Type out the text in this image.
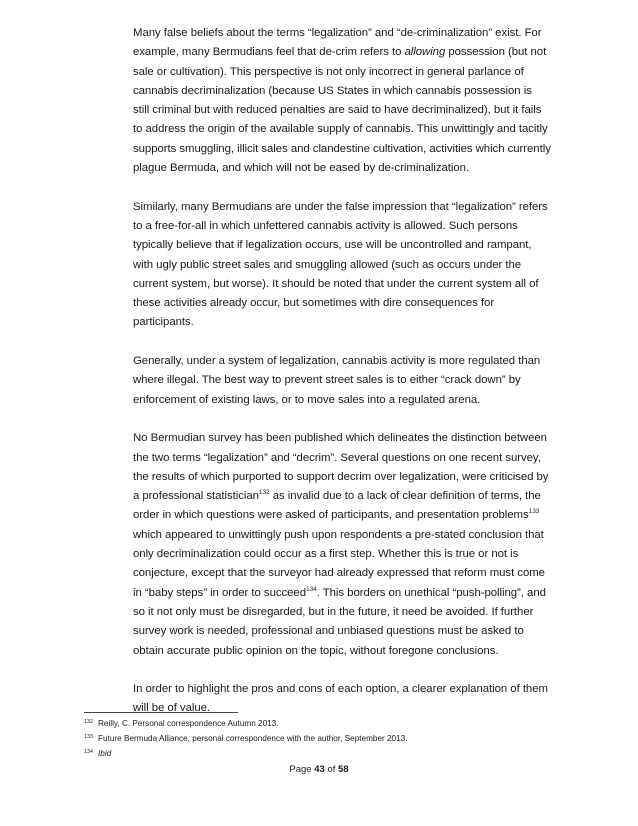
Many false beliefs about the terms “legalization” and “de-criminalization” exist. For example, many Bermudians feel that de-crim refers to allowing possession (but not sale or cultivation). This perspective is not only incorrect in general parlance of cannabis decriminalization (because US States in which cannabis possession is still criminal but with reduced penalties are said to have decriminalized), but it fails to address the origin of the available supply of cannabis. This unwittingly and tacitly supports smuggling, illicit sales and clandestine cultivation, activities which currently plague Bermuda, and which will not be eased by de-criminalization.

Similarly, many Bermudians are under the false impression that “legalization” refers to a free-for-all in which unfettered cannabis activity is allowed. Such persons typically believe that if legalization occurs, use will be uncontrolled and rampant, with ugly public street sales and smuggling allowed (such as occurs under the current system, but worse). It should be noted that under the current system all of these activities already occur, but sometimes with dire consequences for participants.

Generally, under a system of legalization, cannabis activity is more regulated than where illegal. The best way to prevent street sales is to either “crack down” by enforcement of existing laws, or to move sales into a regulated arena.

No Bermudian survey has been published which delineates the distinction between the two terms “legalization” and “decrim”. Several questions on one recent survey, the results of which purported to support decrim over legalization, were criticised by a professional statistician$^{132}$ as invalid due to a lack of clear definition of terms, the order in which questions were asked of participants, and presentation problems$^{133}$ which appeared to unwittingly push upon respondents a pre-stated conclusion that only decriminalization could occur as a first step. Whether this is true or not is conjecture, except that the surveyor had already expressed that reform must come in “baby steps” in order to succeed$^{134}$. This borders on unethical “push-polling”, and so it not only must be disregarded, but in the future, it need be avoided. If further survey work is needed, professional and unbiased questions must be asked to obtain accurate public opinion on the topic, without foregone conclusions.

In order to highlight the pros and cons of each option, a clearer explanation of them will be of value.

$^{132}$ Reilly, C. Personal correspondence Autumn 2013.
$^{133}$ Future Bermuda Alliance, personal correspondence with the author, September 2013.
$^{134}$ Ibid
Page 43 of 58
